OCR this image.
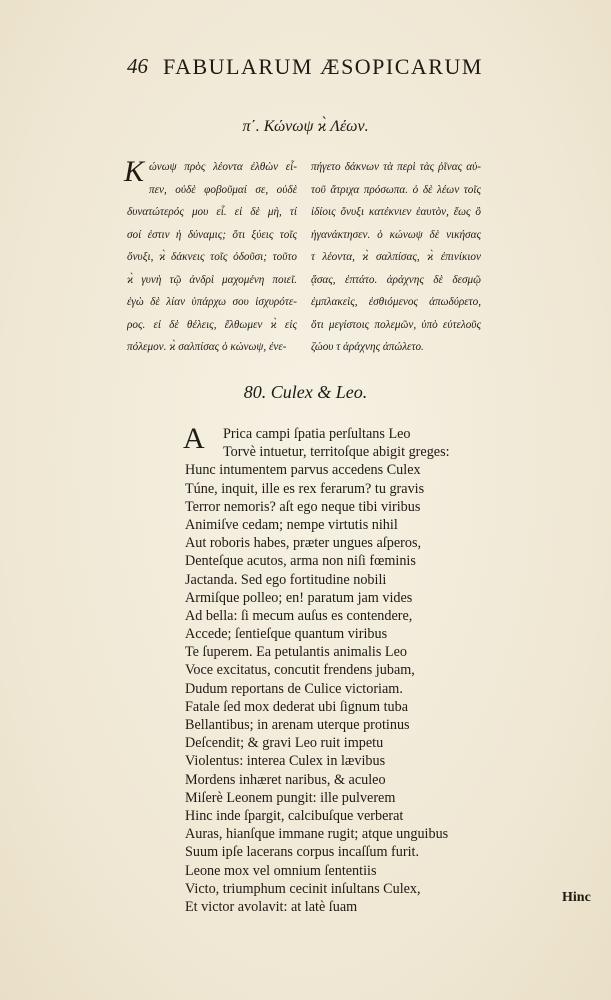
46 FABULARUM ÆSOPICARUM
π΄. Κώνωψ ϰ̀ Λέων.
K ώνωψ πρὸς λέοντα ἐλθὼν εἶ-
πεν, οὐδὲ φοβοῦμαί σε, οὐδὲ
δυνατώτερός μου εἶ. εἰ δὲ μὴ, τί
σοί ἐστιν ἡ δύναμις; ὅτι ξύεις τοῖς
ὄνυξι, ϰ̀ δάκνεις τοῖς ὀδοῦσι; τοῦτο
ϰ̀ γυνὴ τῷ ἀνδρὶ μαχομένη ποιεῖ.
ἐγὼ δὲ λίαν ὑπάρχω σου ἰσχυρότε-
ρος. εἰ δὲ θέλεις, ἔλθωμεν ϰ̀ εἰς
πόλεμον. ϰ̀ σαλπίσας ὁ κώνωψ, ἐνε-
πήγετο δάκνων τὰ περὶ τὰς ῥῖνας αὐ-
τοῦ ἄτριχα πρόσωπα. ὁ δὲ λέων τοῖς
ἰδίοις ὄνυξι κατέκνιεν ἑαυτὸν, ἕως ὃ
ἠγανάκτησεν. ὁ κώνωψ δὲ νικήσας
τ λέοντα, ϰ̀ σαλπίσας, ϰ̀ ἐπινίκιον
ᾄσας, ἐπτάτο. ἀράχνης δὲ δεσμῷ
ἐμπλακεὶς, ἐσθιόμενος ἀπωδύρετο,
ὅτι μεγίστοις πολεμῶν, ὑπὸ εὐτελοῦς
ζώου τ ἀράχνης ἀπώλετο.
80. Culex & Leo.
A	Prica campi ſpatia perſultans Leo
Torvè intuetur, territoſque abigit greges:
Hunc intumentem parvus accedens Culex
Túne, inquit, ille es rex ferarum? tu gravis
Terror nemoris? aſt ego neque tibi viribus
Animiſve cedam; nempe virtutis nihil
Aut roboris habes, præter ungues aſperos,
Denteſque acutos, arma non niſi fœminis
Jactanda. Sed ego fortitudine nobili
Armiſque polleo; en! paratum jam vides
Ad bella: ſi mecum auſus es contendere,
Accede; ſentieſque quantum viribus
Te ſuperem. Ea petulantis animalis Leo
Voce excitatus, concutit frendens jubam,
Dudum reportans de Culice victoriam.
Fatale ſed mox dederat ubi ſignum tuba
Bellantibus; in arenam uterque protinus
Deſcendit; & gravi Leo ruit impetu
Violentus: interea Culex in lævibus
Mordens inhæret naribus, & aculeo
Miſerè Leonem pungit: ille pulverem
Hinc inde ſpargit, calcibuſque verberat
Auras, hianſque immane rugit; atque unguibus
Suum ipſe lacerans corpus incaſſum furit.
Leone mox vel omnium ſententiis
Victo, triumphum cecinit inſultans Culex,
Et victor avolavit: at latè ſuam
Hinc
